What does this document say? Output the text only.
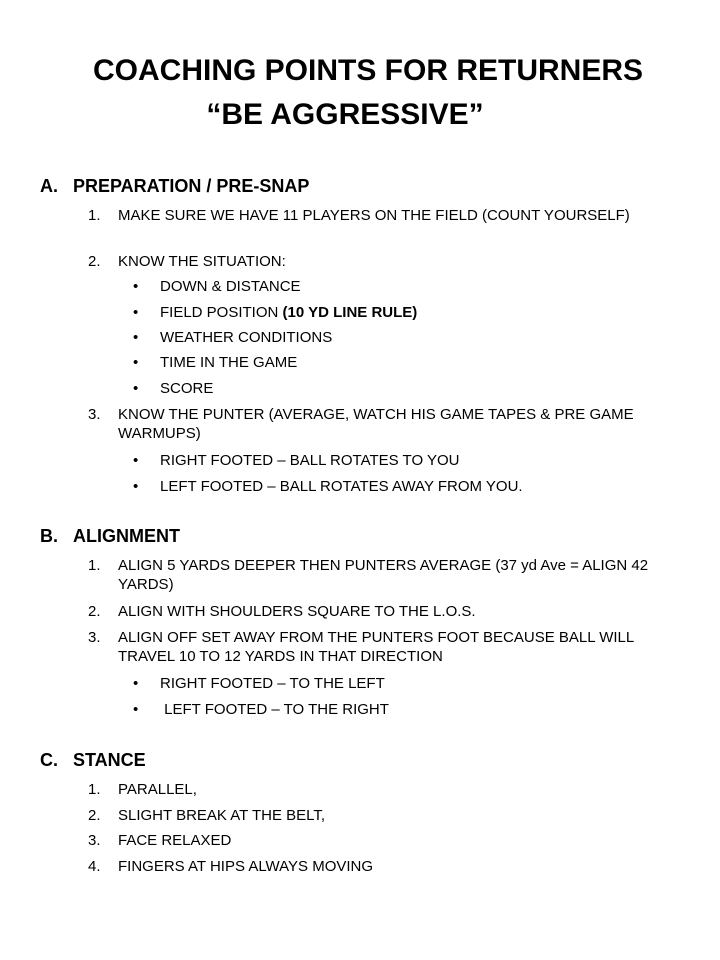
COACHING POINTS FOR RETURNERS
“BE AGGRESSIVE”
A. PREPARATION / PRE-SNAP
1. MAKE SURE WE HAVE 11 PLAYERS ON THE FIELD (COUNT YOURSELF)
2. KNOW THE SITUATION:
• DOWN & DISTANCE
• FIELD POSITION (10 YD LINE RULE)
• WEATHER CONDITIONS
• TIME IN THE GAME
• SCORE
3. KNOW THE PUNTER (AVERAGE, WATCH HIS GAME TAPES & PRE GAME WARMUPS)
• RIGHT FOOTED – BALL ROTATES TO YOU
• LEFT FOOTED – BALL ROTATES AWAY FROM YOU.
B. ALIGNMENT
1. ALIGN 5 YARDS DEEPER THEN PUNTERS AVERAGE (37 yd Ave = ALIGN 42 YARDS)
2. ALIGN WITH SHOULDERS SQUARE TO THE L.O.S.
3. ALIGN OFF SET AWAY FROM THE PUNTERS FOOT BECAUSE BALL WILL TRAVEL 10 TO 12 YARDS IN THAT DIRECTION
• RIGHT FOOTED – TO THE LEFT
• LEFT FOOTED – TO THE RIGHT
C. STANCE
1. PARALLEL,
2. SLIGHT BREAK AT THE BELT,
3. FACE RELAXED
4. FINGERS AT HIPS ALWAYS MOVING
